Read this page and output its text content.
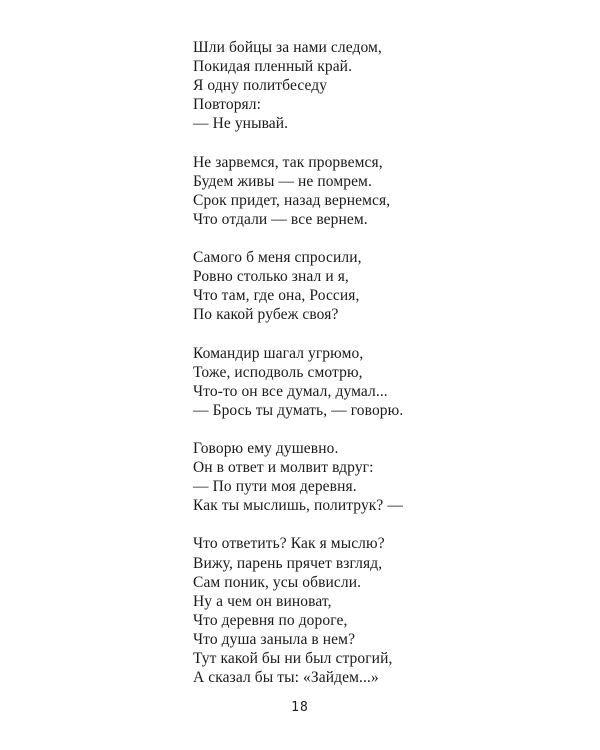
Шли бойцы за нами следом,
Покидая пленный край.
Я одну политбеседу
Повторял:
— Не унывай.
Не зарвемся, так прорвемся,
Будем живы — не помрем.
Срок придет, назад вернемся,
Что отдали — все вернем.
Самого б меня спросили,
Ровно столько знал и я,
Что там, где она, Россия,
По какой рубеж своя?
Командир шагал угрюмо,
Тоже, исподволь смотрю,
Что-то он все думал, думал...
— Брось ты думать, — говорю.
Говорю ему душевно.
Он в ответ и молвит вдруг:
— По пути моя деревня.
Как ты мыслишь, политрук? —
Что ответить? Как я мыслю?
Вижу, парень прячет взгляд,
Сам поник, усы обвисли.
Ну а чем он виноват,
Что деревня по дороге,
Что душа заныла в нем?
Тут какой бы ни был строгий,
А сказал бы ты: «Зайдем...»
18
